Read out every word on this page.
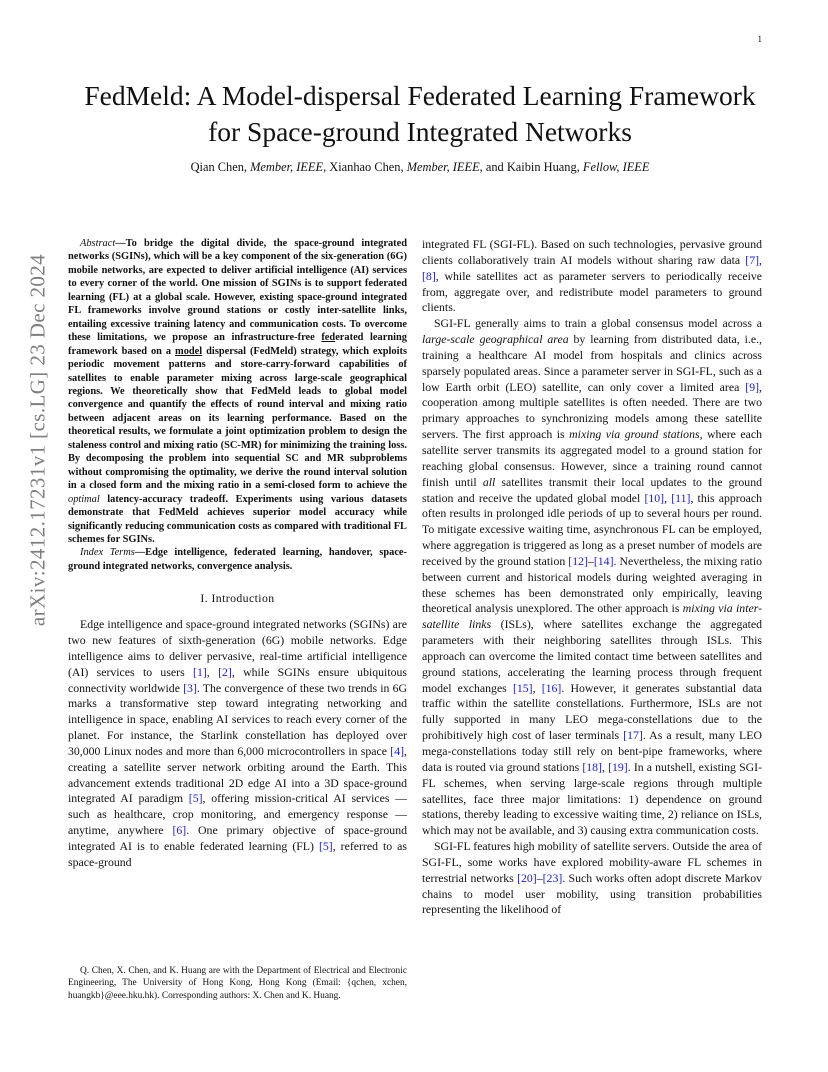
1
arXiv:2412.17231v1 [cs.LG] 23 Dec 2024
FedMeld: A Model-dispersal Federated Learning Framework for Space-ground Integrated Networks
Qian Chen, Member, IEEE, Xianhao Chen, Member, IEEE, and Kaibin Huang, Fellow, IEEE

Abstract—To bridge the digital divide, the space-ground integrated networks (SGINs), which will be a key component of the six-generation (6G) mobile networks, are expected to deliver artificial intelligence (AI) services to every corner of the world. One mission of SGINs is to support federated learning (FL) at a global scale. However, existing space-ground integrated FL frameworks involve ground stations or costly inter-satellite links, entailing excessive training latency and communication costs. To overcome these limitations, we propose an infrastructure-free federated learning framework based on a model dispersal (FedMeld) strategy, which exploits periodic movement patterns and store-carry-forward capabilities of satellites to enable parameter mixing across large-scale geographical regions. We theoretically show that FedMeld leads to global model convergence and quantify the effects of round interval and mixing ratio between adjacent areas on its learning performance. Based on the theoretical results, we formulate a joint optimization problem to design the staleness control and mixing ratio (SC-MR) for minimizing the training loss. By decomposing the problem into sequential SC and MR subproblems without compromising the optimality, we derive the round interval solution in a closed form and the mixing ratio in a semi-closed form to achieve the optimal latency-accuracy tradeoff. Experiments using various datasets demonstrate that FedMeld achieves superior model accuracy while significantly reducing communication costs as compared with traditional FL schemes for SGINs.

Index Terms—Edge intelligence, federated learning, handover, space-ground integrated networks, convergence analysis.

I. Introduction

Edge intelligence and space-ground integrated networks (SGINs) are two new features of sixth-generation (6G) mobile networks. Edge intelligence aims to deliver pervasive, real-time artificial intelligence (AI) services to users [1], [2], while SGINs ensure ubiquitous connectivity worldwide [3]. The convergence of these two trends in 6G marks a transformative step toward integrating networking and intelligence in space, enabling AI services to reach every corner of the planet. For instance, the Starlink constellation has deployed over 30,000 Linux nodes and more than 6,000 microcontrollers in space [4], creating a satellite server network orbiting around the Earth. This advancement extends traditional 2D edge AI into a 3D space-ground integrated AI paradigm [5], offering mission-critical AI services — such as healthcare, crop monitoring, and emergency response — anytime, anywhere [6]. One primary objective of space-ground integrated AI is to enable federated learning (FL) [5], referred to as space-ground

integrated FL (SGI-FL). Based on such technologies, pervasive ground clients collaboratively train AI models without sharing raw data [7], [8], while satellites act as parameter servers to periodically receive from, aggregate over, and redistribute model parameters to ground clients.

SGI-FL generally aims to train a global consensus model across a large-scale geographical area by learning from distributed data, i.e., training a healthcare AI model from hospitals and clinics across sparsely populated areas. Since a parameter server in SGI-FL, such as a low Earth orbit (LEO) satellite, can only cover a limited area [9], cooperation among multiple satellites is often needed. There are two primary approaches to synchronizing models among these satellite servers. The first approach is mixing via ground stations, where each satellite server transmits its aggregated model to a ground station for reaching global consensus. However, since a training round cannot finish until all satellites transmit their local updates to the ground station and receive the updated global model [10], [11], this approach often results in prolonged idle periods of up to several hours per round. To mitigate excessive waiting time, asynchronous FL can be employed, where aggregation is triggered as long as a preset number of models are received by the ground station [12]–[14]. Nevertheless, the mixing ratio between current and historical models during weighted averaging in these schemes has been demonstrated only empirically, leaving theoretical analysis unexplored. The other approach is mixing via inter-satellite links (ISLs), where satellites exchange the aggregated parameters with their neighboring satellites through ISLs. This approach can overcome the limited contact time between satellites and ground stations, accelerating the learning process through frequent model exchanges [15], [16]. However, it generates substantial data traffic within the satellite constellations. Furthermore, ISLs are not fully supported in many LEO mega-constellations due to the prohibitively high cost of laser terminals [17]. As a result, many LEO mega-constellations today still rely on bent-pipe frameworks, where data is routed via ground stations [18], [19]. In a nutshell, existing SGI-FL schemes, when serving large-scale regions through multiple satellites, face three major limitations: 1) dependence on ground stations, thereby leading to excessive waiting time, 2) reliance on ISLs, which may not be available, and 3) causing extra communication costs.

SGI-FL features high mobility of satellite servers. Outside the area of SGI-FL, some works have explored mobility-aware FL schemes in terrestrial networks [20]–[23]. Such works often adopt discrete Markov chains to model user mobility, using transition probabilities representing the likelihood of

Q. Chen, X. Chen, and K. Huang are with the Department of Electrical and Electronic Engineering, The University of Hong Kong, Hong Kong (Email: {qchen, xchen, huangkb}@eee.hku.hk). Corresponding authors: X. Chen and K. Huang.
